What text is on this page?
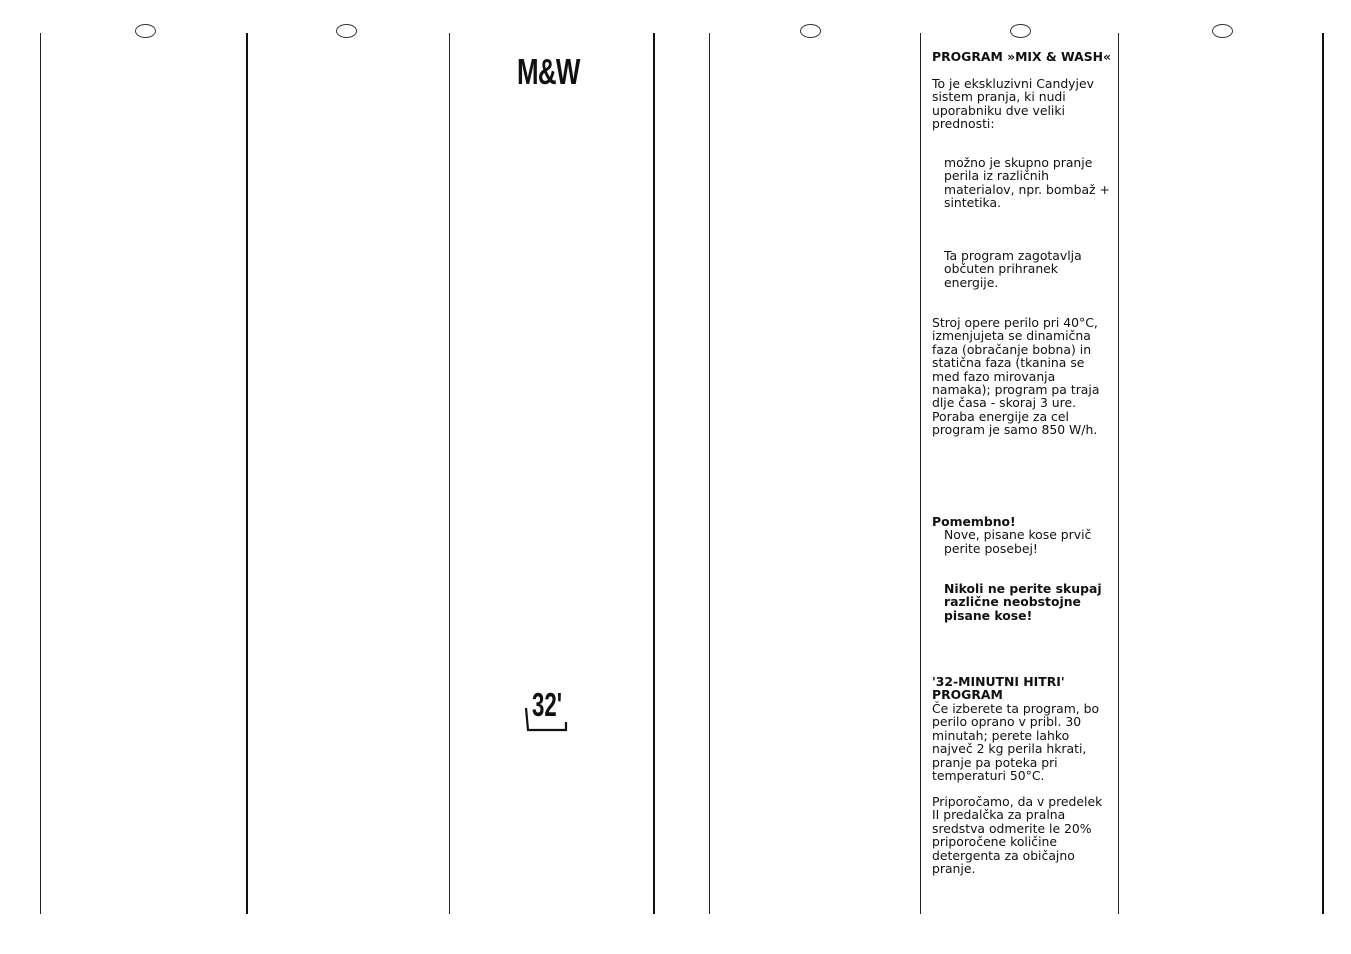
M&W
32'

PROGRAM »MIX & WASH«

To je ekskluzivni Candyjev sistem pranja, ki nudi uporabniku dve veliki prednosti:

možno je skupno pranje perila iz različnih materialov, npr. bombaž + sintetika.

Ta program zagotavlja občuten prihranek energije.

Stroj opere perilo pri 40°C, izmenjujeta se dinamična faza (obračanje bobna) in statična faza (tkanina se med fazo mirovanja namaka); program pa traja dlje časa - skoraj 3 ure. Poraba energije za cel program je samo 850 W/h.

Pomembno!

Nove, pisane kose prvič perite posebej!

Nikoli ne perite skupaj različne neobstojne pisane kose!

'32-MINUTNI HITRI' PROGRAM

Če izberete ta program, bo perilo oprano v pribl. 30 minutah; perete lahko največ 2 kg perila hkrati, pranje pa poteka pri temperaturi 50°C.

Priporočamo, da v predelek II predalčka za pralna sredstva odmerite le 20% priporočene količine detergenta za običajno pranje.
